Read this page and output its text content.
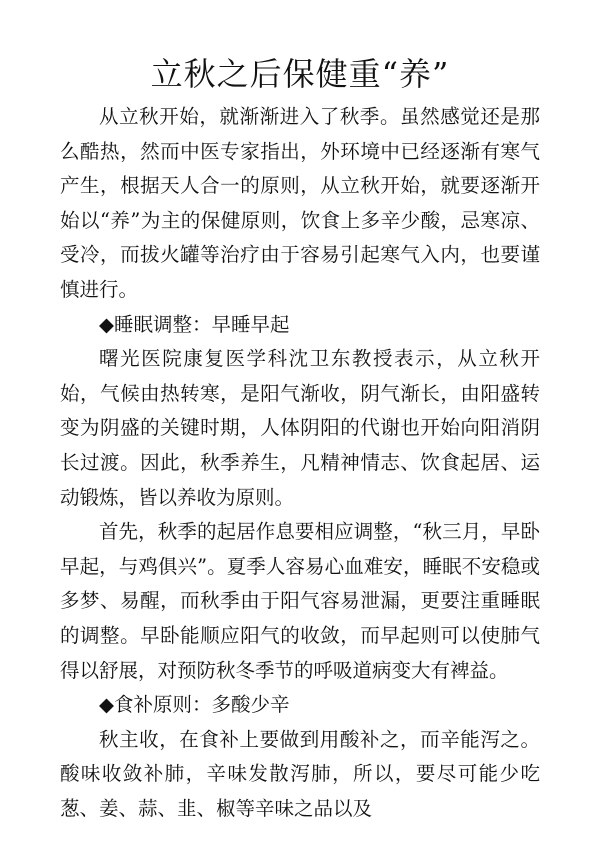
立秋之后保健重“养”

从立秋开始，就渐渐进入了秋季。虽然感觉还是那么酷热，然而中医专家指出，外环境中已经逐渐有寒气产生，根据天人合一的原则，从立秋开始，就要逐渐开始以“养”为主的保健原则，饮食上多辛少酸，忌寒凉、受冷，而拔火罐等治疗由于容易引起寒气入内，也要谨慎进行。

◆睡眠调整：早睡早起

曙光医院康复医学科沈卫东教授表示，从立秋开始，气候由热转寒，是阳气渐收，阴气渐长，由阳盛转变为阴盛的关键时期，人体阴阳的代谢也开始向阳消阴长过渡。因此，秋季养生，凡精神情志、饮食起居、运动锻炼，皆以养收为原则。

首先，秋季的起居作息要相应调整，“秋三月，早卧早起，与鸡俱兴”。夏季人容易心血难安，睡眠不安稳或多梦、易醒，而秋季由于阳气容易泄漏，更要注重睡眠的调整。早卧能顺应阳气的收敛，而早起则可以使肺气得以舒展，对预防秋冬季节的呼吸道病变大有裨益。

◆食补原则：多酸少辛

秋主收，在食补上要做到用酸补之，而辛能泻之。酸味收敛补肺，辛味发散泻肺，所以，要尽可能少吃葱、姜、蒜、韭、椒等辛味之品以及
